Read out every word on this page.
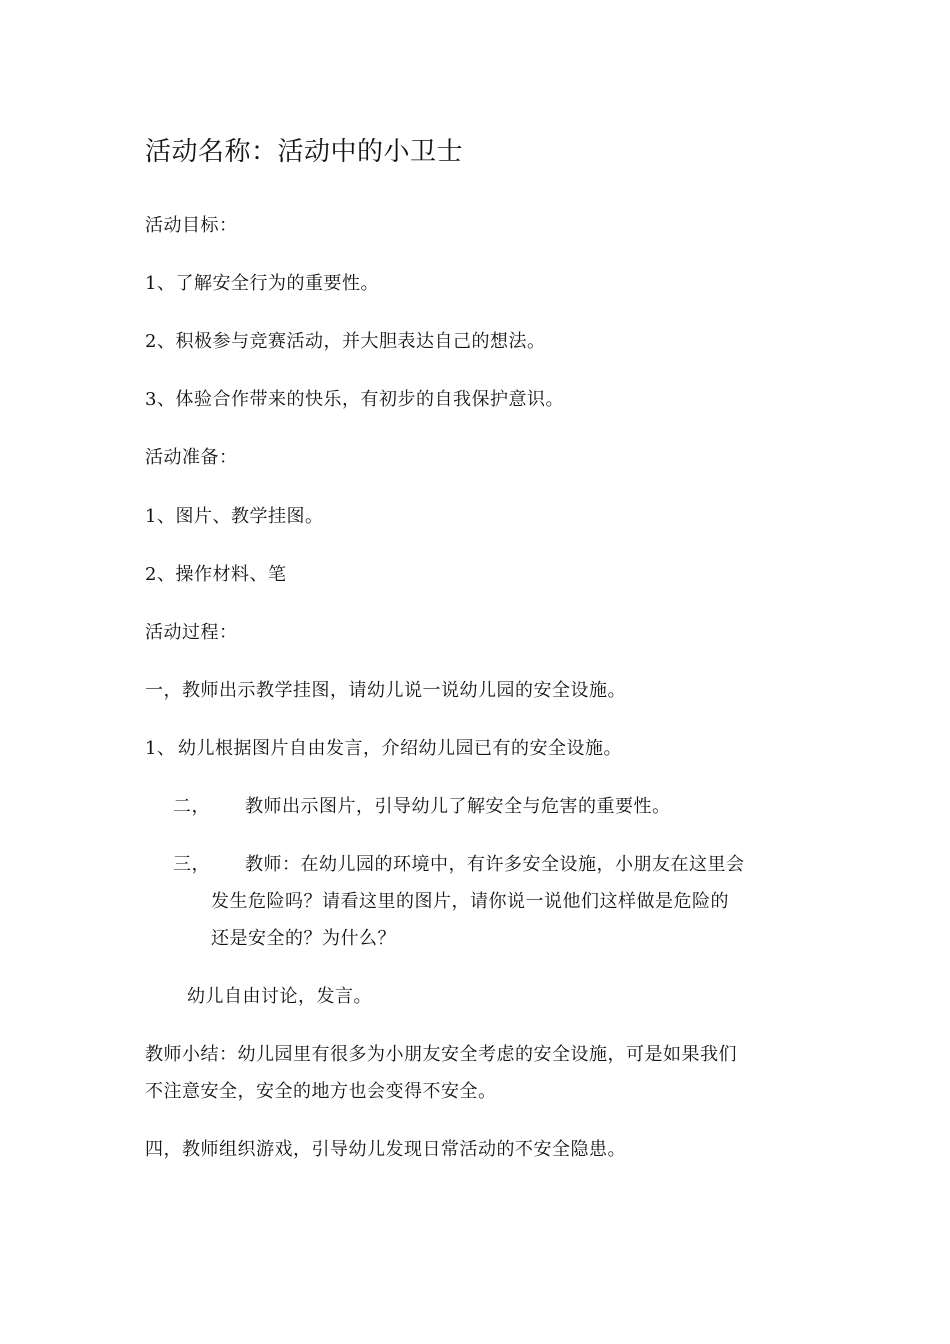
活动名称：活动中的小卫士
活动目标：
1、了解安全行为的重要性。
2、积极参与竞赛活动，并大胆表达自己的想法。
3、体验合作带来的快乐，有初步的自我保护意识。
活动准备：
1、图片、教学挂图。
2、操作材料、笔
活动过程：
一，教师出示教学挂图，请幼儿说一说幼儿园的安全设施。
1、 幼儿根据图片自由发言，介绍幼儿园已有的安全设施。
二， 教师出示图片，引导幼儿了解安全与危害的重要性。
三， 教师：在幼儿园的环境中，有许多安全设施，小朋友在这里会
发生危险吗？请看这里的图片，请你说一说他们这样做是危险的
还是安全的？为什么？
幼儿自由讨论，发言。
教师小结：幼儿园里有很多为小朋友安全考虑的安全设施，可是如果我们
不注意安全，安全的地方也会变得不安全。
四，教师组织游戏，引导幼儿发现日常活动的不安全隐患。
